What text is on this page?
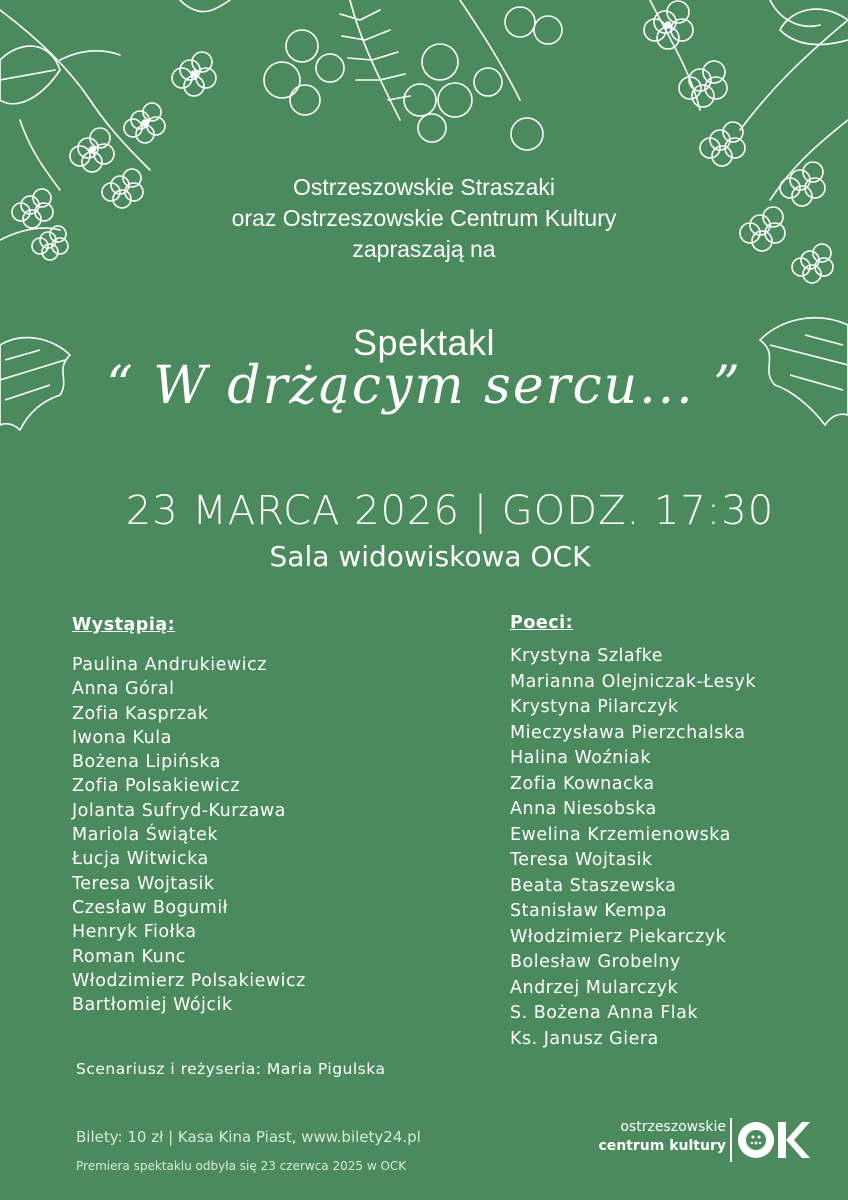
Ostrzeszowskie Straszaki
oraz Ostrzeszowskie Centrum Kultury
zapraszają na
Spektakl
“ W drżącym sercu... ”
23 MARCA 2026 | GODZ. 17:30
Sala widowiskowa OCK
Wystąpią:
Paulina Andrukiewicz
Anna Góral
Zofia Kasprzak
Iwona Kula
Bożena Lipińska
Zofia Polsakiewicz
Jolanta Sufryd-Kurzawa
Mariola Świątek
Łucja Witwicka
Teresa Wojtasik
Czesław Bogumił
Henryk Fiołka
Roman Kunc
Włodzimierz Polsakiewicz
Bartłomiej Wójcik
Poeci:
Krystyna Szlafke
Marianna Olejniczak-Łesyk
Krystyna Pilarczyk
Mieczysława Pierzchalska
Halina Woźniak
Zofia Kownacka
Anna Niesobska
Ewelina Krzemienowska
Teresa Wojtasik
Beata Staszewska
Stanisław Kempa
Włodzimierz Piekarczyk
Bolesław Grobelny
Andrzej Mularczyk
S. Bożena Anna Flak
Ks. Janusz Giera
Scenariusz i reżyseria: Maria Pigulska
Bilety: 10 zł | Kasa Kina Piast, www.bilety24.pl
Premiera spektaklu odbyła się 23 czerwca 2025 w OCK
ostrzeszowskie
centrum kultury
